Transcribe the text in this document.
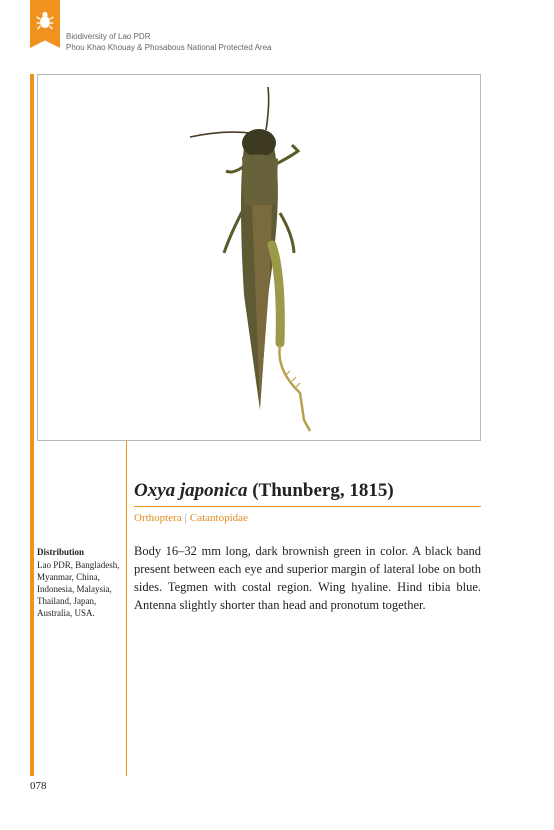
Biodiversity of Lao PDR
Phou Khao Khouay & Phosabous National Protected Area
Oxya japonica (Thunberg, 1815)
Orthoptera | Catantopidae
Distribution
Lao PDR, Bangladesh, Myanmar, China, Indonesia, Malaysia, Thailand, Japan, Australia, USA.
Body 16–32 mm long, dark brownish green in color. A black band present between each eye and superior margin of lateral lobe on both sides. Tegmen with costal region. Wing hyaline. Hind tibia blue. Antenna slightly shorter than head and pronotum together.
078
